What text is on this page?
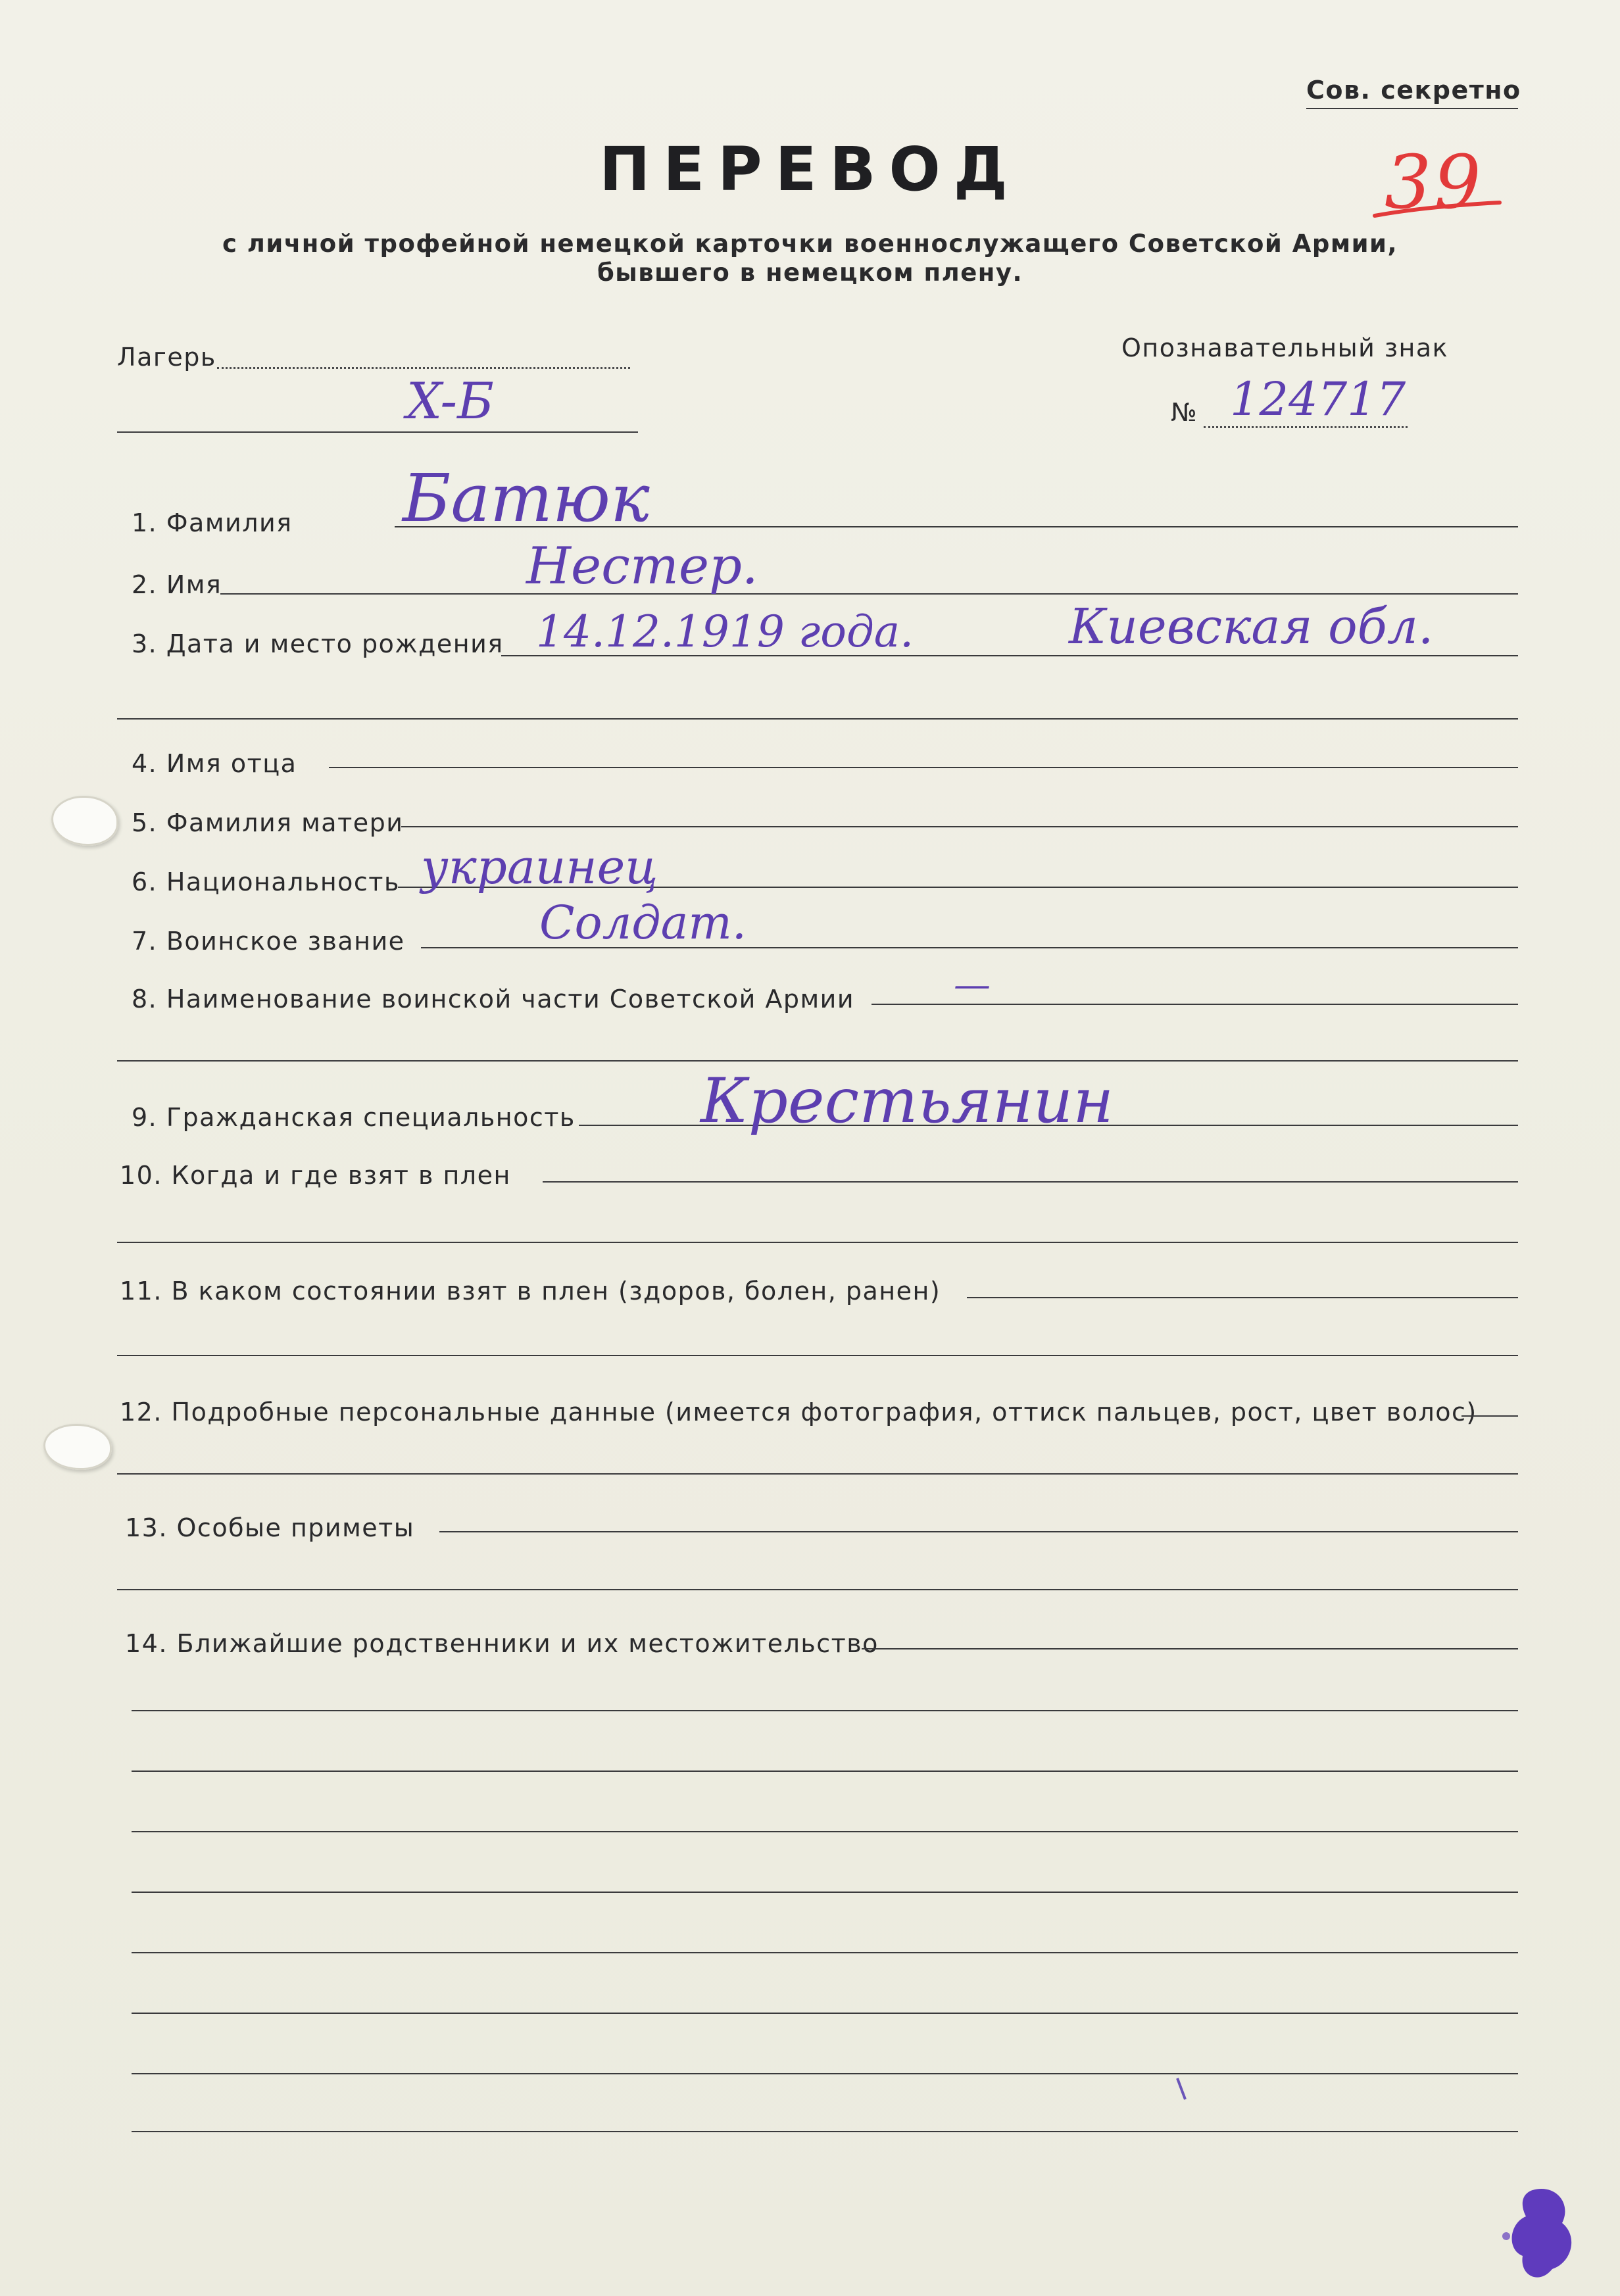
Сов. секретно
39
ПЕРЕВОД
с личной трофейной немецкой карточки военнослужащего Советской Армии,
бывшего в немецком плену.
Лагерь
X-Б
Опознавательный знак
№ 124717
1. Фамилия Батюк
2. Имя	Нестер.
3. Дата и место рождения 14.12.1919 года.	Киевская обл.
4. Имя отца
5. Фамилия матери
6. Национальность украинец
7. Воинское звание	Солдат.
8. Наименование воинской части Советской Армии	—
9. Гражданская специальность Крестьянин
10. Когда и где взят в плен
11. В каком состоянии взят в плен (здоров, болен, ранен)
12. Подробные персональные данные (имеется фотография, оттиск пальцев, рост, цвет волос)
13. Особые приметы
14. Ближайшие родственники и их местожительство
